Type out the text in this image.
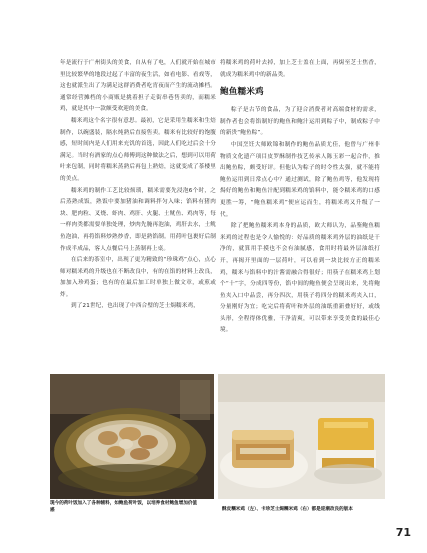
年是流行于广州街头的美食，自从有了电，人们就开始在城市里比较繁华的地段过起了丰富的夜生活，如看电影、看戏等，这也就派生出了为满足这群消费者吃宵夜而产生的流动摊档。通常经营摊档的小商贩是挑着担子走街串巷售卖的，而糯米鸡，就是其中一款颇受欢迎的美食。

糯米鸡这个名字很有意思。最初，它是采用生糯米和生焙制作，以碗盛装，隔水炖熟后直接售卖。糯米有比较好的饱腹感，短时间内是人们用来充饥的首选，因此人们吃过后会十分满足。当时有酒家的点心师傅到这种做法之后，想到可以用荷叶来包制，同时将糯米蒸熟后再包上熟焙，这就变成了茶楼里的美点。

糯米鸡的制作工艺比较烦琐，糯米需要先浸泡6个时，之后蒸熟成饭，熟饭中要加猪油和调料拌匀入味；馅料有猪肉块、肥肉粒、叉烧、虾肉、鸡肝、火腿、土鱿鱼、鸡肉等，每一样肉类都需要单独处理，炒肉先腌再泡油，鸡肝去水，土鱿鱼泡油，再将馅料炒熟炒香，即是熟馅制。用荷叶包裹好后制作成半成品，客人点餐后马上蒸制再上桌。

在后来的茶室中，出现了更为精致的“珍珠鸡”点心，点心师对糯米鸡的升级也在不断改良中，有的在馅的材料上改良，加加入珍鸡蛋；也有的在最后加工时单独上做文章，或煎或炸。

到了21世纪，也出现了中西合璧的芝士焗糯米鸡，

将糯米鸡的荷叶去掉，加上芝士盖在上面，再焗至芝士焦香，就成为糯米鸡中的新品类。

鲍鱼糯米鸡

粽子是古节的食品，为了迎合消费者对高端食材的需求，制作者也会将馅制好的鲍鱼和鲍汁运用到粽子中，制成粽子中的新贵“鲍鱼粽”。

中国烹饪大师欧锦和制作的鲍鱼品质尤佳，他曾与广州非物质文化遗产项目皮罗酥制作技艺传承人陈玉彩一起合作，推出鲍鱼粽，颇受好评。但他认为粽子的时令性太强，就不能将鲍鱼运用到日常点心中？通过测试，除了鲍鱼鸡等，他发现将焗好的鲍鱼和鲍鱼汁配到糯米鸡的馅料中，能令糯米鸡的口感更胜一筹，“鲍鱼糯米鸡”便应运而生，将糯米鸡又升级了一代。

除了把鲍鱼糯米鸡本身的品质，欧大师认为，品鉴鲍鱼糯米鸡的过程也是令人愉悦的：好品质的糯米鸡外层的油纸是干净的，就算用手摸也不会有油腻感，食用时将最外层油纸打开，再揭开里面的一层荷叶，可以看到一块比较方正的糯米鸡，糯米与馅料中的汁酱需融合得很好；用筷子在糯米鸡上划个“十”字，分成四等份，馅中间的鲍鱼便会呈现出来，先将鲍鱼夹入口中品尝，再分四次，用筷子将四分的糯米鸡夹入口，分量刚好为宜；吃完后将荷叶和外层的油纸重新叠好好，或线头形，全程得体优雅，干净清爽，可以带来享受美食的最佳心境。

现今的荷叶饭加入了各种辅料，如鲍鱼荷叶饭，以培养食材鲍鱼增加价值感	酥皮糯米鸡（左）、卡珍芝士焗糯米鸡（右）都是迎潮改良的版本
71
